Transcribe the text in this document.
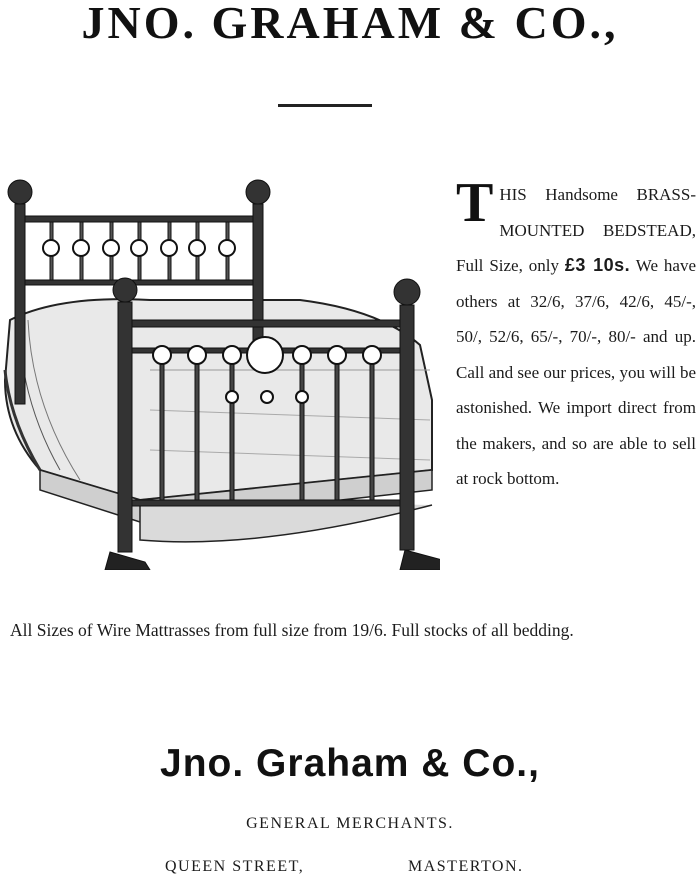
JNO. GRAHAM & CO.,
T HIS Handsome BRASS-MOUNTED BEDSTEAD, Full Size, only £3 10s. We have others at 32/6, 37/6, 42/6, 45/-, 50/, 52/6, 65/-, 70/-, 80/- and up. Call and see our prices, you will be astonished. We import direct from the makers, and so are able to sell at rock bottom.

All Sizes of Wire Mattrasses from full size from 19/6. Full stocks of all bedding.
Jno. Graham & Co.,
GENERAL MERCHANTS.
QUEEN STREET,	MASTERTON.
